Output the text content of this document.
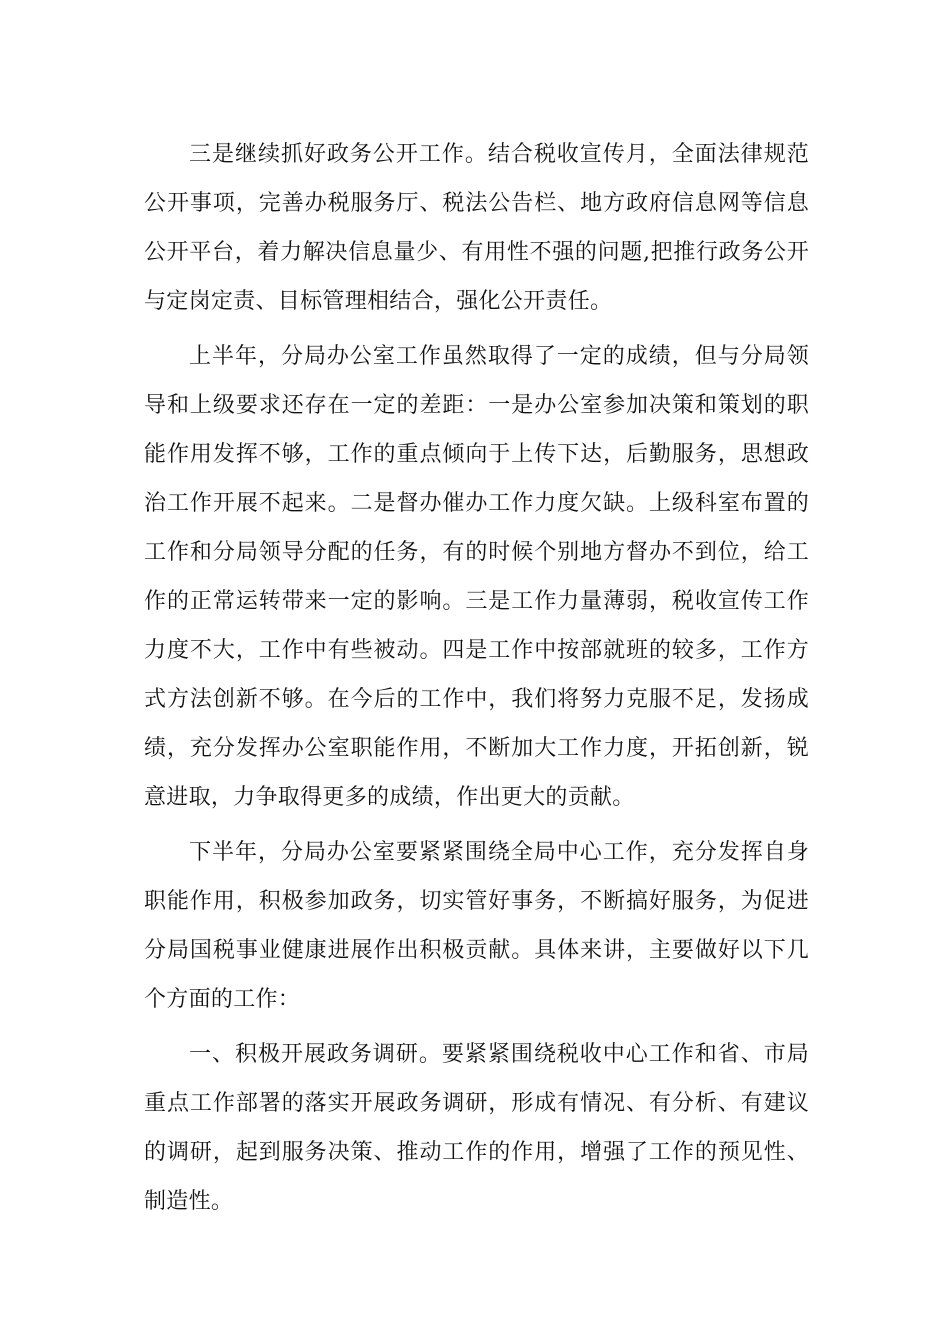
三是继续抓好政务公开工作。结合税收宣传月，全面法律规范公开事项，完善办税服务厅、税法公告栏、地方政府信息网等信息公开平台，着力解决信息量少、有用性不强的问题,把推行政务公开与定岗定责、目标管理相结合，强化公开责任。

上半年，分局办公室工作虽然取得了一定的成绩，但与分局领导和上级要求还存在一定的差距：一是办公室参加决策和策划的职能作用发挥不够，工作的重点倾向于上传下达，后勤服务，思想政治工作开展不起来。二是督办催办工作力度欠缺。上级科室布置的工作和分局领导分配的任务，有的时候个别地方督办不到位，给工作的正常运转带来一定的影响。三是工作力量薄弱，税收宣传工作力度不大，工作中有些被动。四是工作中按部就班的较多，工作方式方法创新不够。在今后的工作中，我们将努力克服不足，发扬成绩，充分发挥办公室职能作用，不断加大工作力度，开拓创新，锐意进取，力争取得更多的成绩，作出更大的贡献。

下半年，分局办公室要紧紧围绕全局中心工作，充分发挥自身职能作用，积极参加政务，切实管好事务，不断搞好服务，为促进分局国税事业健康进展作出积极贡献。具体来讲，主要做好以下几个方面的工作：

一、积极开展政务调研。要紧紧围绕税收中心工作和省、市局重点工作部署的落实开展政务调研，形成有情况、有分析、有建议的调研，起到服务决策、推动工作的作用，增强了工作的预见性、制造性。
